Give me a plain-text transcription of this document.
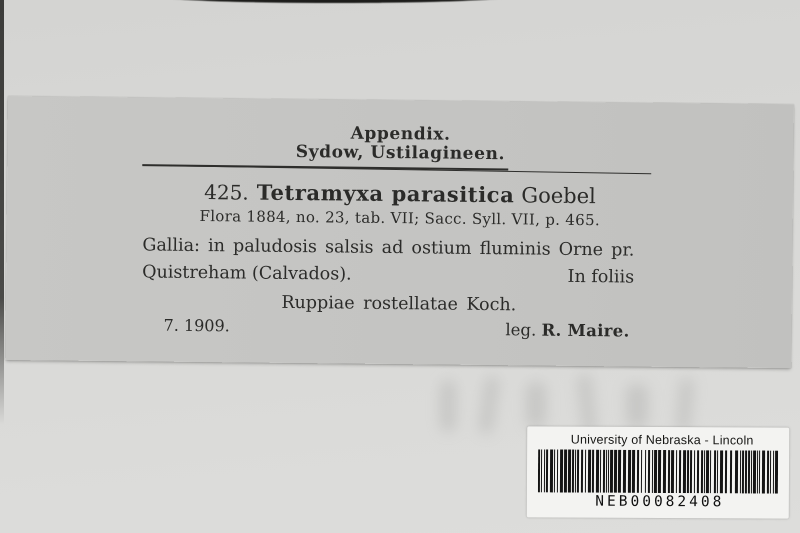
Appendix.
Sydow, Ustilagineen.
425. Tetramyxa parasitica Goebel
Flora 1884, no. 23, tab. VII; Sacc. Syll. VII, p. 465.
Gallia: in paludosis salsis ad ostium fluminis Orne pr.
Quistreham (Calvados).	In foliis
Ruppiae rostellatae Koch.
7. 1909.	leg. R. Maire.
University of Nebraska - Lincoln
NEB00082408
